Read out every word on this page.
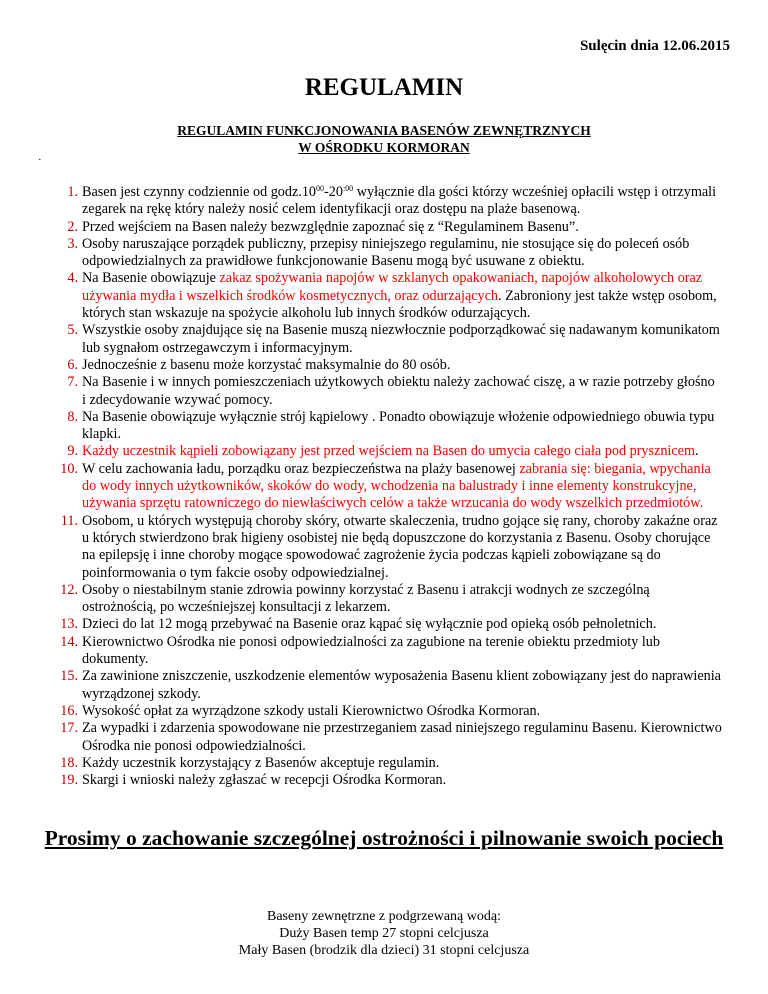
Sulęcin dnia 12.06.2015
REGULAMIN
REGULAMIN FUNKCJONOWANIA BASENÓW ZEWNĘTRZNYCH
W OŚRODKU KORMORAN
·
1. Basen jest czynny codziennie od $godz.10^{00}-20^{:00}$ wyłącznie dla gości którzy wcześniej opłacili wstęp i otrzymali zegarek na rękę który należy nosić celem identyfikacji oraz dostępu na plaże basenową.
2. Przed wejściem na Basen należy bezwzględnie zapoznać się z “Regulaminem Basenu”.
3. Osoby naruszające porządek publiczny, przepisy niniejszego regulaminu, nie stosujące się do poleceń osób odpowiedzialnych za prawidłowe funkcjonowanie Basenu mogą być usuwane z obiektu.
4. Na Basenie obowiązuje zakaz spożywania napojów w szklanych opakowaniach, napojów alkoholowych oraz używania mydła i wszelkich środków kosmetycznych, oraz odurzających. Zabroniony jest także wstęp osobom, których stan wskazuje na spożycie alkoholu lub innych środków odurzających.
5. Wszystkie osoby znajdujące się na Basenie muszą niezwłocznie podporządkować się nadawanym komunikatom lub sygnałom ostrzegawczym i informacyjnym.
6. Jednocześnie z basenu może korzystać maksymalnie do 80 osób.
7. Na Basenie i w innych pomieszczeniach użytkowych obiektu należy zachować ciszę, a w razie potrzeby głośno i zdecydowanie wzywać pomocy.
8. Na Basenie obowiązuje wyłącznie strój kąpielowy . Ponadto obowiązuje włożenie odpowiedniego obuwia typu klapki.
9. Każdy uczestnik kąpieli zobowiązany jest przed wejściem na Basen do umycia całego ciała pod prysznicem.
10. W celu zachowania ładu, porządku oraz bezpieczeństwa na plaży basenowej zabrania się: biegania, wpychania do wody innych użytkowników, skoków do wody, wchodzenia na balustrady i inne elementy konstrukcyjne, używania sprzętu ratowniczego do niewłaściwych celów a także wrzucania do wody wszelkich przedmiotów.
11. Osobom, u których występują choroby skóry, otwarte skaleczenia, trudno gojące się rany, choroby zakaźne oraz u których stwierdzono brak higieny osobistej nie będą dopuszczone do korzystania z Basenu. Osoby chorujące na epilepsję i inne choroby mogące spowodować zagrożenie życia podczas kąpieli zobowiązane są do poinformowania o tym fakcie osoby odpowiedzialnej.
12. Osoby o niestabilnym stanie zdrowia powinny korzystać z Basenu i atrakcji wodnych ze szczególną ostrożnością, po wcześniejszej konsultacji z lekarzem.
13. Dzieci do lat 12 mogą przebywać na Basenie oraz kąpać się wyłącznie pod opieką osób pełnoletnich.
14. Kierownictwo Ośrodka nie ponosi odpowiedzialności za zagubione na terenie obiektu przedmioty lub dokumenty.
15. Za zawinione zniszczenie, uszkodzenie elementów wyposażenia Basenu klient zobowiązany jest do naprawienia wyrządzonej szkody.
16. Wysokość opłat za wyrządzone szkody ustali Kierownictwo Ośrodka Kormoran.
17. Za wypadki i zdarzenia spowodowane nie przestrzeganiem zasad niniejszego regulaminu Basenu. Kierownictwo Ośrodka nie ponosi odpowiedzialności.
18. Każdy uczestnik korzystający z Basenów akceptuje regulamin.
19. Skargi i wnioski należy zgłaszać w recepcji Ośrodka Kormoran.
Prosimy o zachowanie szczególnej ostrożności i pilnowanie swoich pociech
Baseny zewnętrzne z podgrzewaną wodą:
Duży Basen temp 27 stopni celcjusza
Mały Basen (brodzik dla dzieci) 31 stopni celcjusza
